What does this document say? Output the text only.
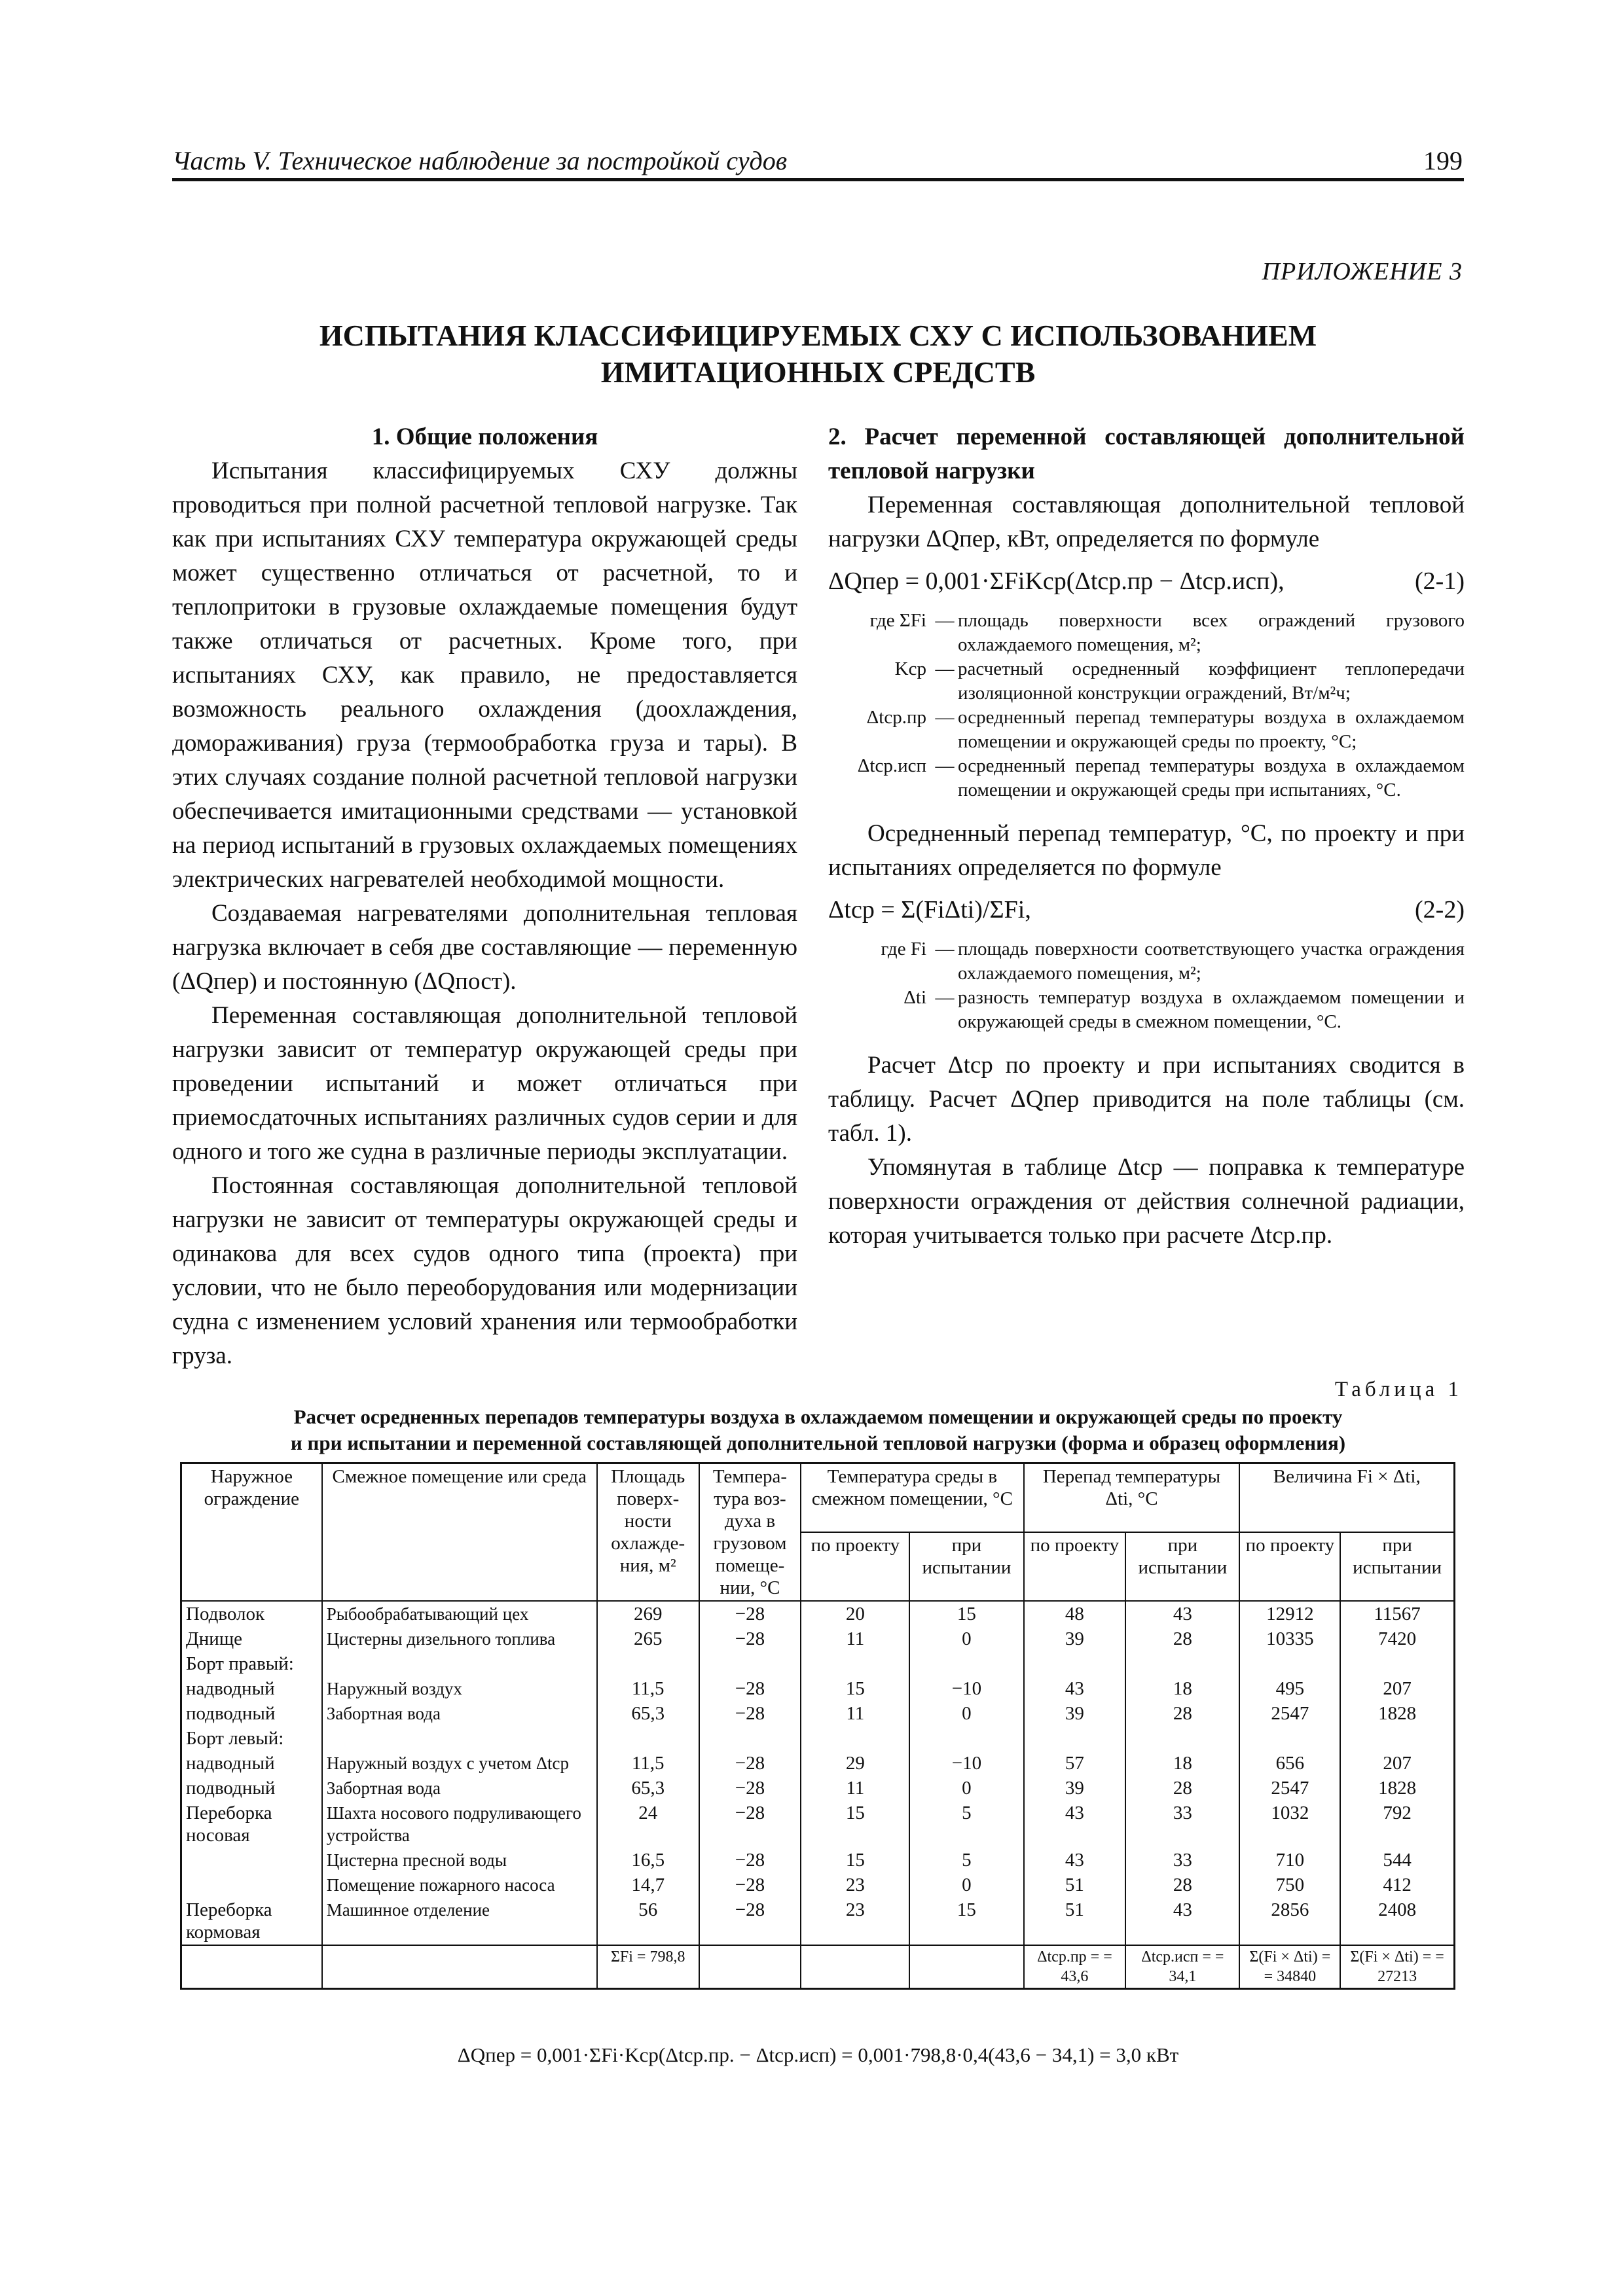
Часть V. Техническое наблюдение за постройкой судов	199
ПРИЛОЖЕНИЕ 3
ИСПЫТАНИЯ КЛАССИФИЦИРУЕМЫХ СХУ С ИСПОЛЬЗОВАНИЕМ
ИМИТАЦИОННЫХ СРЕДСТВ
1. Общие положения

Испытания классифицируемых СХУ должны проводиться при полной расчетной тепловой нагрузке. Так как при испытаниях СХУ температура окружающей среды может существенно отличаться от расчетной, то и теплопритоки в грузовые охлаждаемые помещения будут также отличаться от расчетных. Кроме того, при испытаниях СХУ, как правило, не предоставляется возможность реального охлаждения (доохлаждения, домораживания) груза (термообработка груза и тары). В этих случаях создание полной расчетной тепловой нагрузки обеспечивается имитационными средствами — установкой на период испытаний в грузовых охлаждаемых помещениях электрических нагревателей необходимой мощности.

Создаваемая нагревателями дополнительная тепловая нагрузка включает в себя две составляющие — переменную (ΔQпер) и постоянную (ΔQпост).

Переменная составляющая дополнительной тепловой нагрузки зависит от температур окружающей среды при проведении испытаний и может отличаться при приемосдаточных испытаниях различных судов серии и для одного и того же судна в различные периоды эксплуатации.

Постоянная составляющая дополнительной тепловой нагрузки не зависит от температуры окружающей среды и одинакова для всех судов одного типа (проекта) при условии, что не было переоборудования или модернизации судна с изменением условий хранения или термообработки груза.

2. Расчет переменной составляющей дополнительной тепловой нагрузки

Переменная составляющая дополнительной тепловой нагрузки ΔQпер, кВт, определяется по формуле

ΔQпер = 0,001·ΣFiKср(Δtср.пр − Δtср.исп),	(2-1)
где ΣFi — площадь поверхности всех ограждений грузового охлаждаемого помещения, м²;
Kср — расчетный осредненный коэффициент теплопередачи изоляционной конструкции ограждений, Вт/м²ч;
Δtср.пр — осредненный перепад температуры воздуха в охлаждаемом помещении и окружающей среды по проекту, °С;
Δtср.исп — осредненный перепад температуры воздуха в охлаждаемом помещении и окружающей среды при испытаниях, °С.

Осредненный перепад температур, °С, по проекту и при испытаниях определяется по формуле

Δtср = Σ(FiΔti)/ΣFi,	(2-2)
где Fi — площадь поверхности соответствующего участка ограждения охлаждаемого помещения, м²;
Δti — разность температур воздуха в охлаждаемом помещении и окружающей среды в смежном помещении, °С.

Расчет Δtср по проекту и при испытаниях сводится в таблицу. Расчет ΔQпер приводится на поле таблицы (см. табл. 1).

Упомянутая в таблице Δtср — поправка к температуре поверхности ограждения от действия солнечной радиации, которая учитывается только при расчете Δtср.пр.

Таблица 1
Расчет осредненных перепадов температуры воздуха в охлаждаемом помещении и окружающей среды по проекту
и при испытании и переменной составляющей дополнительной тепловой нагрузки (форма и образец оформления)
Наружное ограждение	Смежное помещение или среда	Площадь поверх-ности охлажде-ния, м²	Темпера-тура воз-духа в грузовом помеще-нии, °С	Температура среды в смежном помещении, °С		Перепад температуры Δti, °С		Величина Fi × Δti,	
				по проекту	при испытании	по проекту	при испытании	по проекту	при испытании
Подволок	Рыбообрабатывающий цех	269	−28	20	15	48	43	12912	11567
Днище	Цистерны дизельного топлива	265	−28	11	0	39	28	10335	7420
Борт правый:									
надводный	Наружный воздух	11,5	−28	15	−10	43	18	495	207
подводный	Забортная вода	65,3	−28	11	0	39	28	2547	1828
Борт левый:									
надводный	Наружный воздух с учетом Δtср	11,5	−28	29	−10	57	18	656	207
подводный	Забортная вода	65,3	−28	11	0	39	28	2547	1828
Переборка носовая	Шахта носового подруливающего устройства	24	−28	15	5	43	33	1032	792
	Цистерна пресной воды	16,5	−28	15	5	43	33	710	544
	Помещение пожарного насоса	14,7	−28	23	0	51	28	750	412
Переборка кормовая	Машинное отделение	56	−28	23	15	51	43	2856	2408
		ΣFi = 798,8				Δtср.пр = = 43,6	Δtср.исп = = 34,1	Σ(Fi × Δti) = = 34840	Σ(Fi × Δti) = = 27213
ΔQпер = 0,001·ΣFi·Kср(Δtср.пр. − Δtср.исп) = 0,001·798,8·0,4(43,6 − 34,1) = 3,0 кВт
